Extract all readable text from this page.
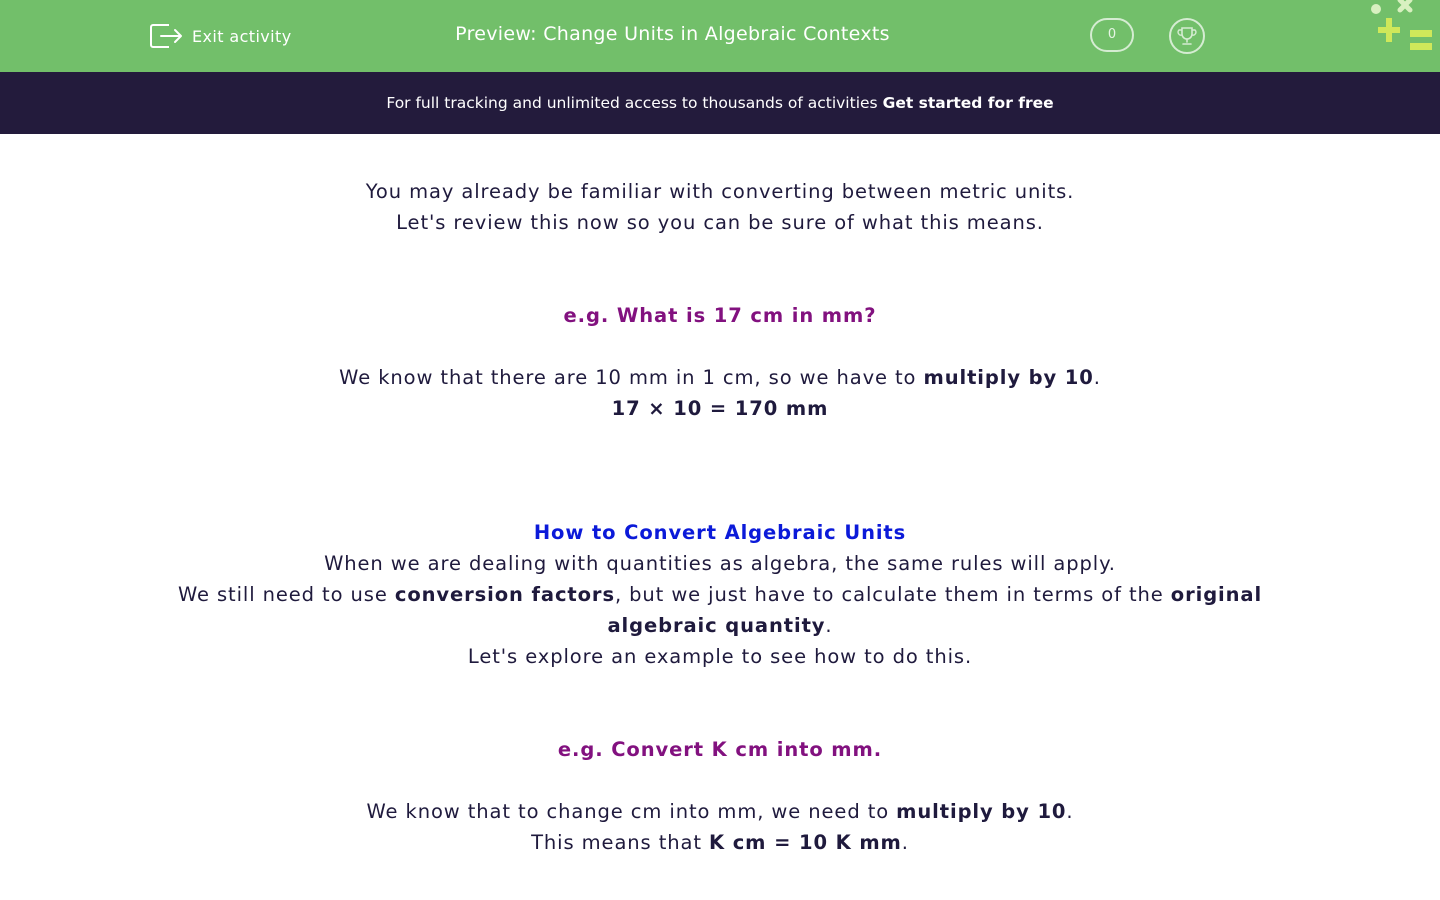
Exit activity	Preview: Change Units in Algebraic Contexts	0
For full tracking and unlimited access to thousands of activities Get started for free
You may already be familiar with converting between metric units.
Let's review this now so you can be sure of what this means.
e.g. What is 17 cm in mm?
We know that there are 10 mm in 1 cm, so we have to multiply by 10.
17 × 10 = 170 mm
How to Convert Algebraic Units
When we are dealing with quantities as algebra, the same rules will apply.
We still need to use conversion factors, but we just have to calculate them in terms of the original
algebraic quantity.
Let's explore an example to see how to do this.
e.g. Convert K cm into mm.
We know that to change cm into mm, we need to multiply by 10.
This means that K cm = 10 K mm.
